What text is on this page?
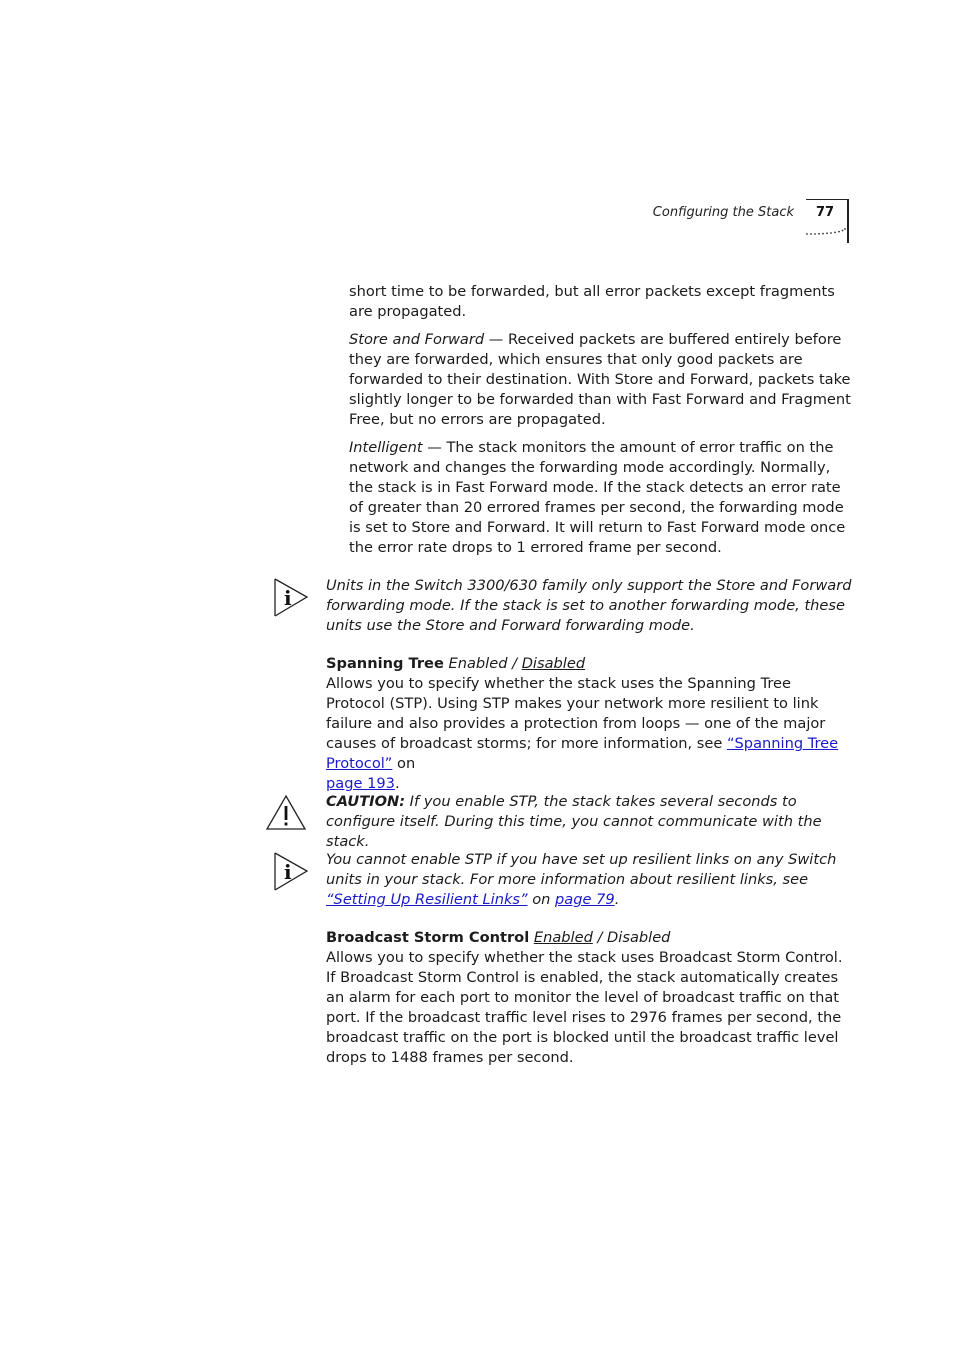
Configuring the Stack	77

short time to be forwarded, but all error packets except fragments are propagated.

Store and Forward — Received packets are buffered entirely before they are forwarded, which ensures that only good packets are forwarded to their destination. With Store and Forward, packets take slightly longer to be forwarded than with Fast Forward and Fragment Free, but no errors are propagated.

Intelligent — The stack monitors the amount of error traffic on the network and changes the forwarding mode accordingly. Normally, the stack is in Fast Forward mode. If the stack detects an error rate of greater than 20 errored frames per second, the forwarding mode is set to Store and Forward. It will return to Fast Forward mode once the error rate drops to 1 errored frame per second.

i

Units in the Switch 3300/630 family only support the Store and Forward forwarding mode. If the stack is set to another forwarding mode, these units use the Store and Forward forwarding mode.

Spanning Tree Enabled / Disabled

Allows you to specify whether the stack uses the Spanning Tree Protocol (STP). Using STP makes your network more resilient to link failure and also provides a protection from loops — one of the major causes of broadcast storms; for more information, see “Spanning Tree Protocol” on
page 193.

CAUTION: If you enable STP, the stack takes several seconds to configure itself. During this time, you cannot communicate with the stack.

i

You cannot enable STP if you have set up resilient links on any Switch units in your stack. For more information about resilient links, see “Setting Up Resilient Links” on page 79.

Broadcast Storm Control Enabled / Disabled

Allows you to specify whether the stack uses Broadcast Storm Control. If Broadcast Storm Control is enabled, the stack automatically creates an alarm for each port to monitor the level of broadcast traffic on that port. If the broadcast traffic level rises to 2976 frames per second, the broadcast traffic on the port is blocked until the broadcast traffic level drops to 1488 frames per second.
